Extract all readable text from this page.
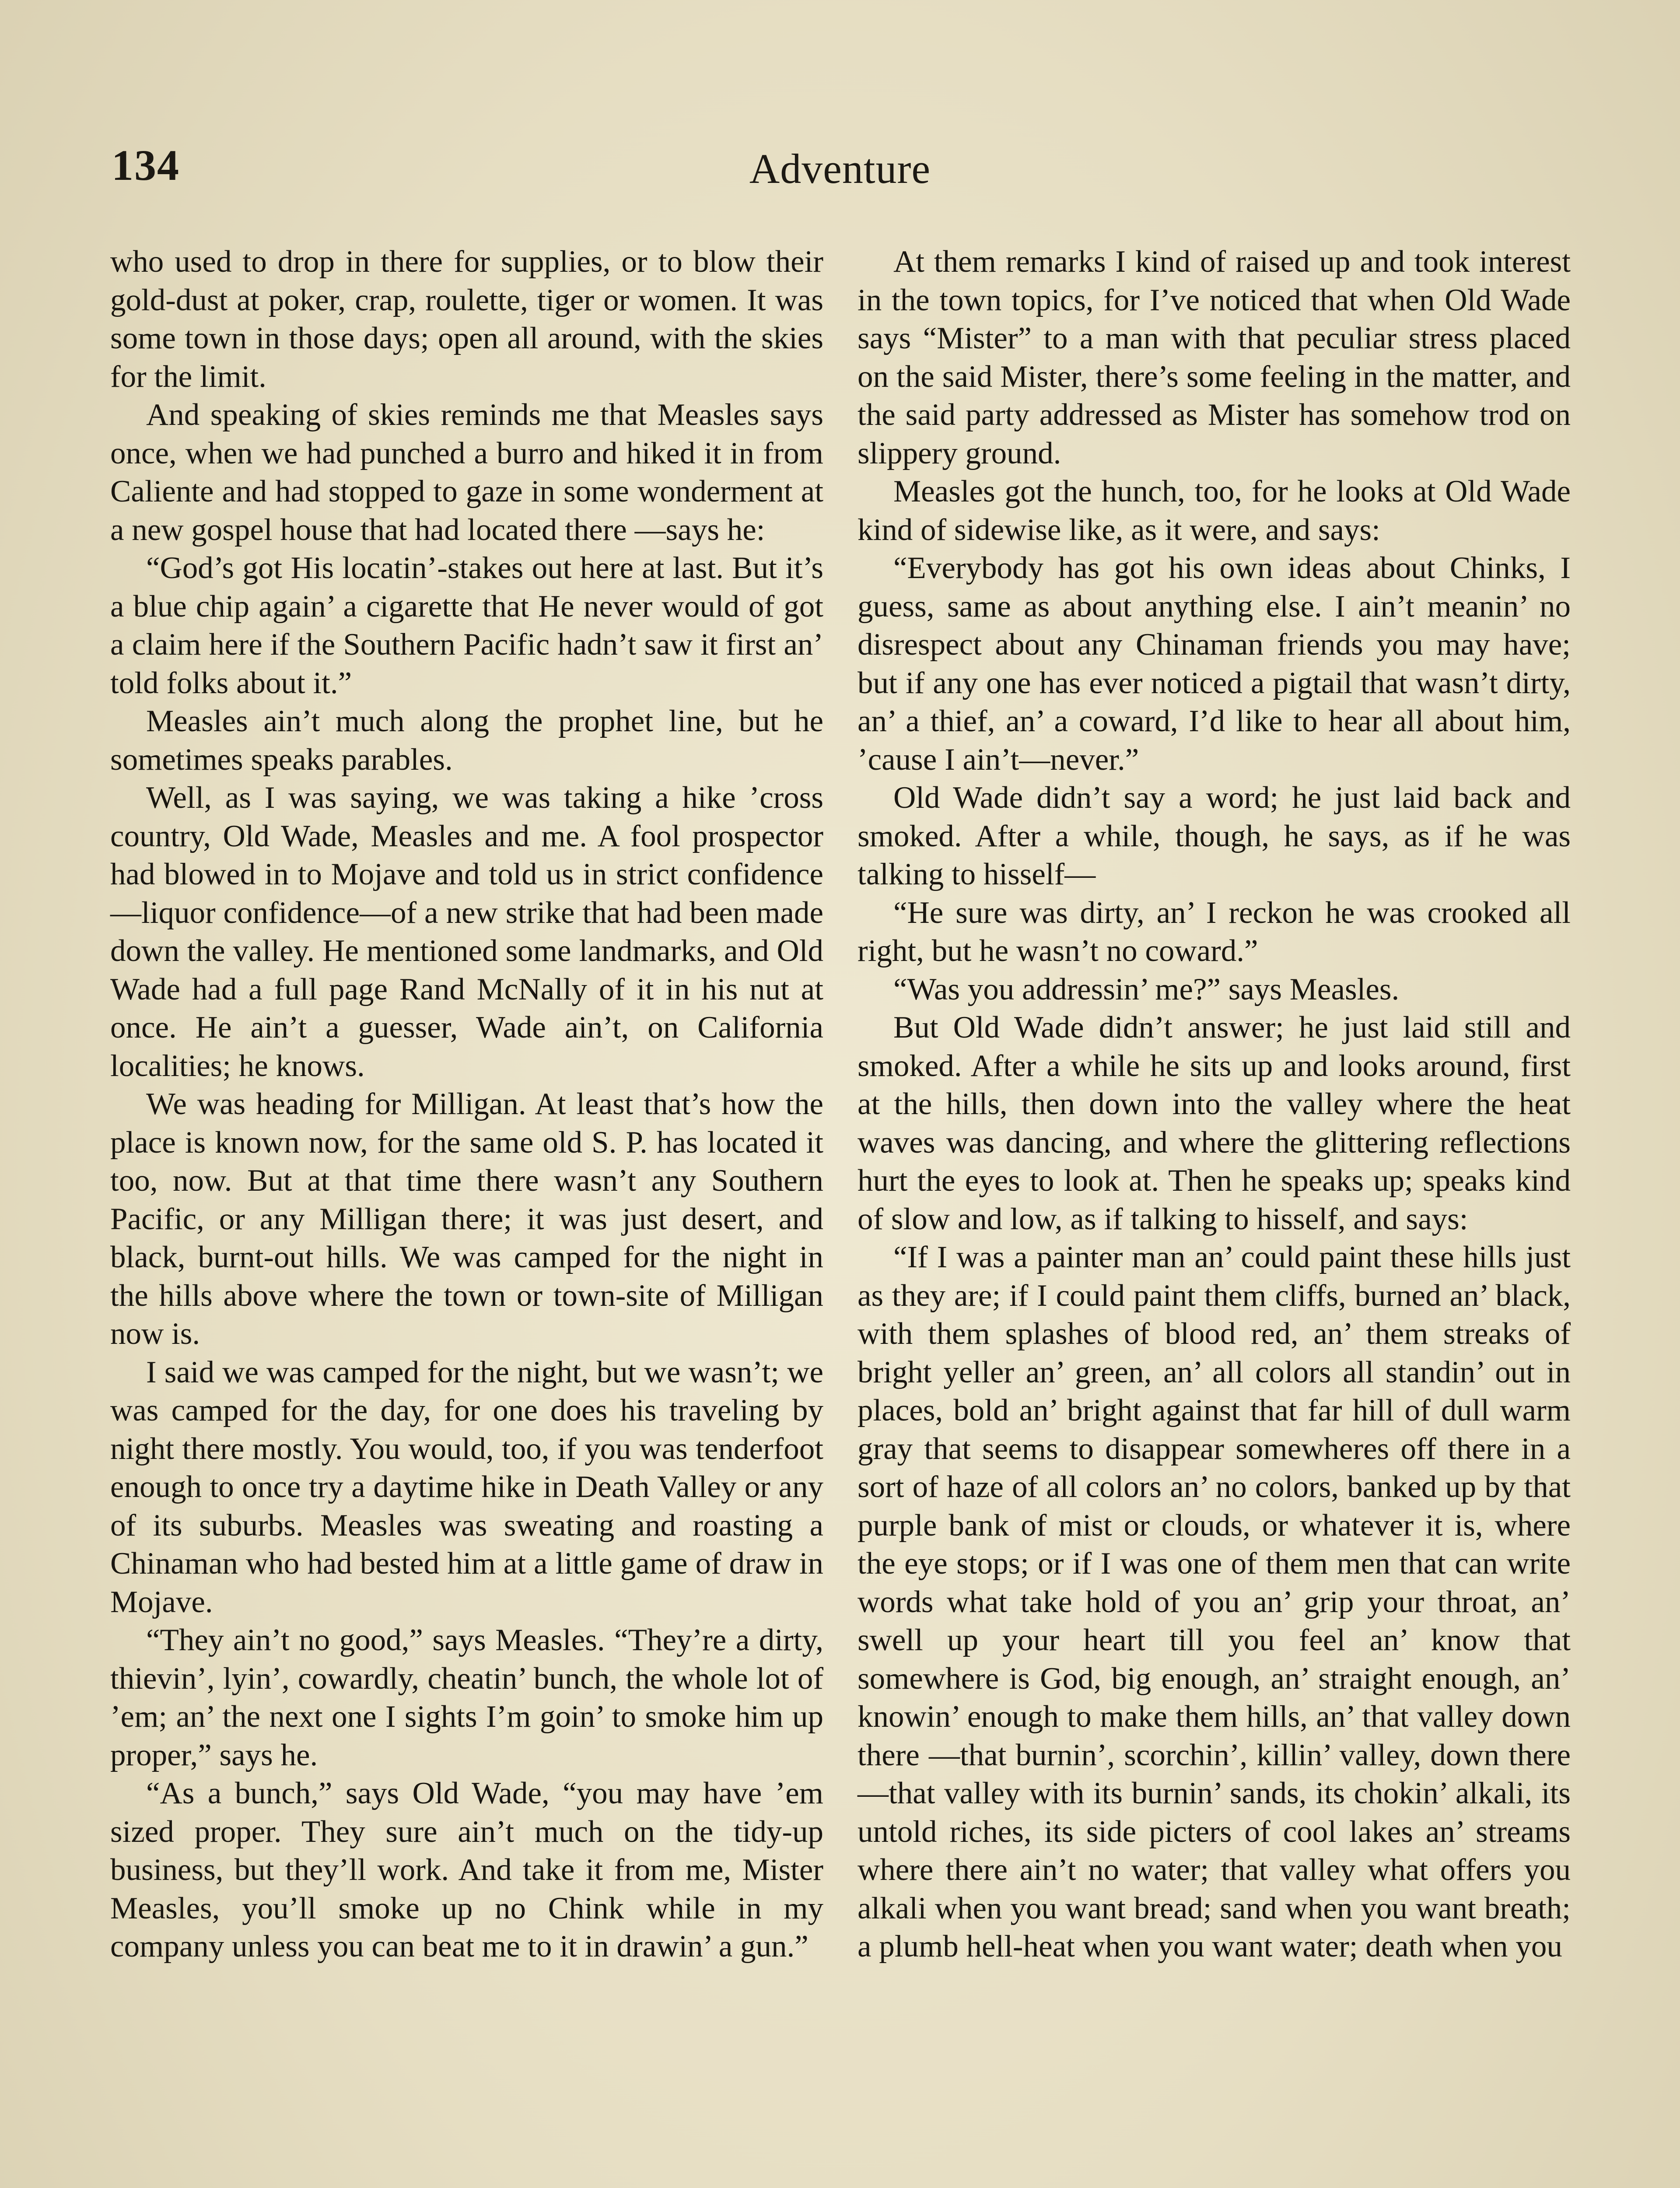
134	Adventure

who used to drop in there for supplies, or to blow their gold-dust at poker, crap, roulette, tiger or women. It was some town in those days; open all around, with the skies for the limit.

And speaking of skies reminds me that Measles says once, when we had punched a burro and hiked it in from Caliente and had stopped to gaze in some wonderment at a new gospel house that had located there —says he:

“God’s got His locatin’-stakes out here at last. But it’s a blue chip again’ a cigarette that He never would of got a claim here if the Southern Pacific hadn’t saw it first an’ told folks about it.”

Measles ain’t much along the prophet line, but he sometimes speaks parables.

Well, as I was saying, we was taking a hike ’cross country, Old Wade, Measles and me. A fool prospector had blowed in to Mojave and told us in strict confidence—liquor confidence—of a new strike that had been made down the valley. He mentioned some landmarks, and Old Wade had a full page Rand McNally of it in his nut at once. He ain’t a guesser, Wade ain’t, on California localities; he knows.

We was heading for Milligan. At least that’s how the place is known now, for the same old S. P. has located it too, now. But at that time there wasn’t any Southern Pacific, or any Milligan there; it was just desert, and black, burnt-out hills. We was camped for the night in the hills above where the town or town-site of Milligan now is.

I said we was camped for the night, but we wasn’t; we was camped for the day, for one does his traveling by night there mostly. You would, too, if you was tenderfoot enough to once try a daytime hike in Death Valley or any of its suburbs. Measles was sweating and roasting a Chinaman who had bested him at a little game of draw in Mojave.

“They ain’t no good,” says Measles. “They’re a dirty, thievin’, lyin’, cowardly, cheatin’ bunch, the whole lot of ’em; an’ the next one I sights I’m goin’ to smoke him up proper,” says he.

“As a bunch,” says Old Wade, “you may have ’em sized proper. They sure ain’t much on the tidy-up business, but they’ll work. And take it from me, Mister Measles, you’ll smoke up no Chink while in my company unless you can beat me to it in drawin’ a gun.”

At them remarks I kind of raised up and took interest in the town topics, for I’ve noticed that when Old Wade says “Mister” to a man with that peculiar stress placed on the said Mister, there’s some feeling in the matter, and the said party addressed as Mister has somehow trod on slippery ground.

Measles got the hunch, too, for he looks at Old Wade kind of sidewise like, as it were, and says:

“Everybody has got his own ideas about Chinks, I guess, same as about anything else. I ain’t meanin’ no disrespect about any Chinaman friends you may have; but if any one has ever noticed a pigtail that wasn’t dirty, an’ a thief, an’ a coward, I’d like to hear all about him, ’cause I ain’t—never.”

Old Wade didn’t say a word; he just laid back and smoked. After a while, though, he says, as if he was talking to hisself—

“He sure was dirty, an’ I reckon he was crooked all right, but he wasn’t no coward.”

“Was you addressin’ me?” says Measles.

But Old Wade didn’t answer; he just laid still and smoked. After a while he sits up and looks around, first at the hills, then down into the valley where the heat waves was dancing, and where the glittering reflections hurt the eyes to look at. Then he speaks up; speaks kind of slow and low, as if talking to hisself, and says:

“If I was a painter man an’ could paint these hills just as they are; if I could paint them cliffs, burned an’ black, with them splashes of blood red, an’ them streaks of bright yeller an’ green, an’ all colors all standin’ out in places, bold an’ bright against that far hill of dull warm gray that seems to disappear somewheres off there in a sort of haze of all colors an’ no colors, banked up by that purple bank of mist or clouds, or whatever it is, where the eye stops; or if I was one of them men that can write words what take hold of you an’ grip your throat, an’ swell up your heart till you feel an’ know that somewhere is God, big enough, an’ straight enough, an’ knowin’ enough to make them hills, an’ that valley down there —that burnin’, scorchin’, killin’ valley, down there—that valley with its burnin’ sands, its chokin’ alkali, its untold riches, its side picters of cool lakes an’ streams where there ain’t no water; that valley what offers you alkali when you want bread; sand when you want breath; a plumb hell-heat when you want water; death when you
